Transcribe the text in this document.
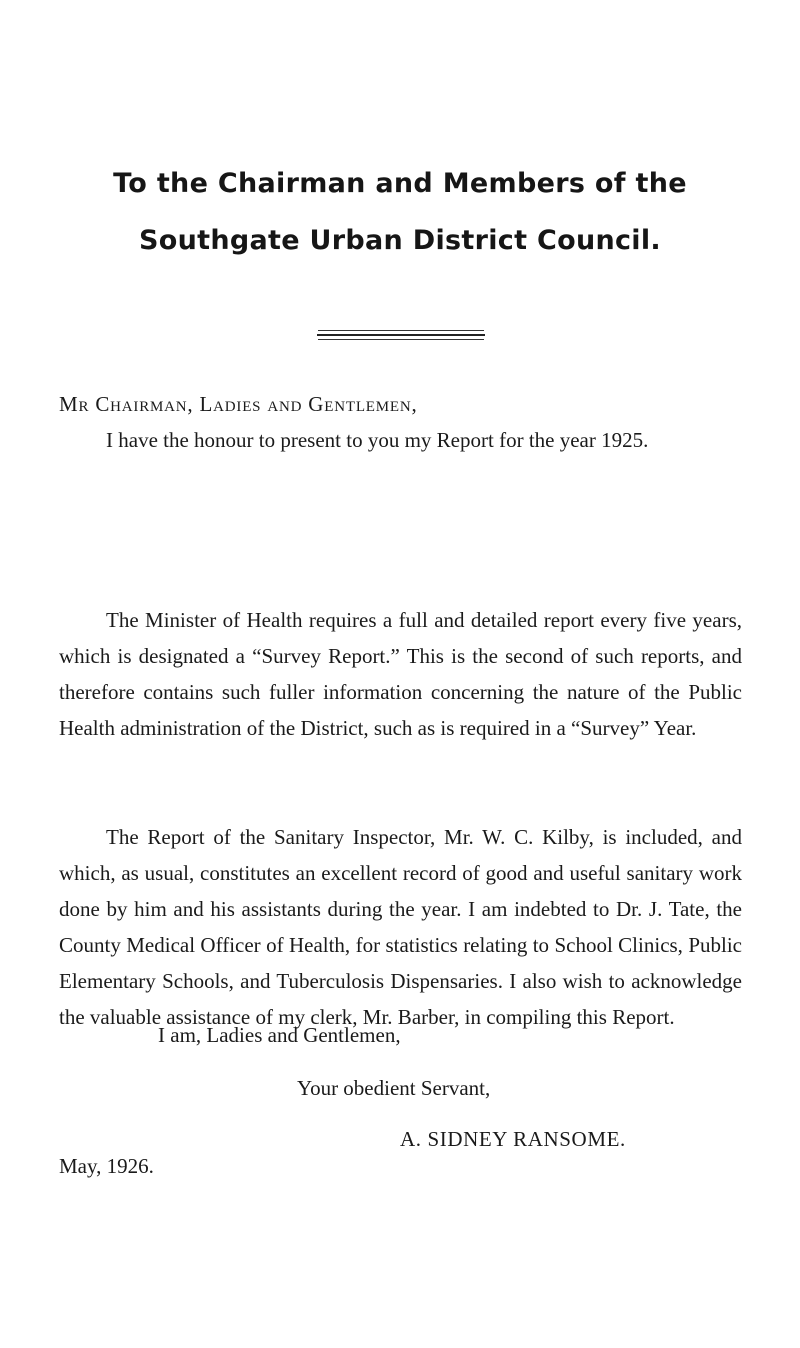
To the Chairman and Members of the
Southgate Urban District Council.

Mr Chairman, Ladies and Gentlemen,

I have the honour to present to you my Report for the year 1925.

The Minister of Health requires a full and detailed report every five years, which is designated a “Survey Report.” This is the second of such reports, and therefore contains such fuller information concerning the nature of the Public Health administration of the District, such as is required in a “Survey” Year.

The Report of the Sanitary Inspector, Mr. W. C. Kilby, is included, and which, as usual, constitutes an excellent record of good and useful sanitary work done by him and his assistants during the year. I am indebted to Dr. J. Tate, the County Medical Officer of Health, for statistics relating to School Clinics, Public Elementary Schools, and Tuberculosis Dispensaries. I also wish to acknowledge the valuable assistance of my clerk, Mr. Barber, in compiling this Report.

I am, Ladies and Gentlemen,

Your obedient Servant,

A. SIDNEY RANSOME.

May, 1926.
